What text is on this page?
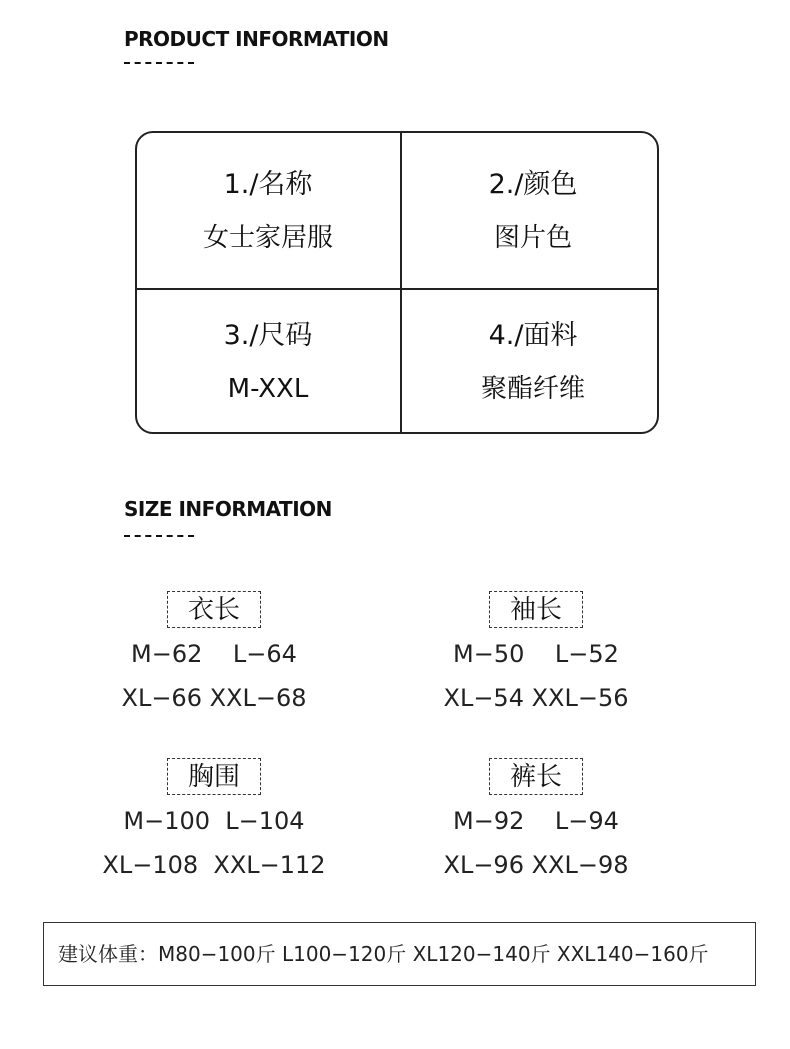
PRODUCT INFORMATION
1./名称
女士家居服
2./颜色
图片色
3./尺码
M-XXL
4./面料
聚酯纤维
SIZE INFORMATION
衣长
M−62    L−64
XL−66 XXL−68
袖长
M−50    L−52
XL−54 XXL−56
胸围
M−100  L−104
XL−108  XXL−112
裤长
M−92    L−94
XL−96 XXL−98
建议体重：M80−100斤 L100−120斤 XL120−140斤 XXL140−160斤
